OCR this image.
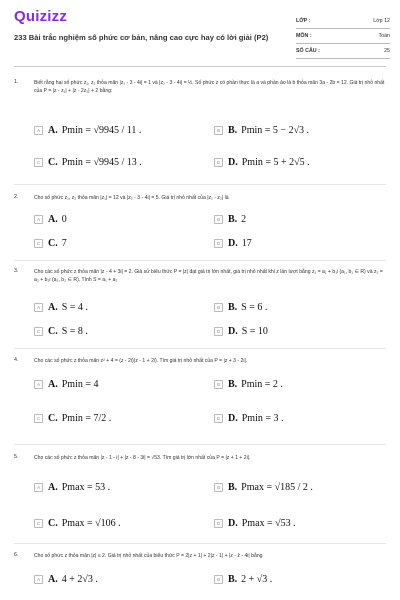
Quizizz
233 Bài trắc nghiệm số phức cơ bản, nâng cao cực hay có lời giải (P2)
LỚP :	Lớp 12
MÔN :	Toán
SỐ CÂU :	25
1.	Biết rằng hai số phức z₁, z₂ thỏa mãn |z₁ - 3 - 4i| = 1 và |z₂ - 3 - 4i| = ½. Số phức z có phần thực là a và phần ảo là b thỏa mãn 3a - 2b = 12. Giá trị nhỏ nhất của P = |z - z₁| + |z - 2z₂| + 2 bằng:
A A. Pmin = √9945 / 11 .	B B. Pmin = 5 − 2√3 .
C C. Pmin = √9945 / 13 .	D D. Pmin = 5 + 2√5 .
2.	Cho số phức z₁, z₂ thỏa mãn |z₁| = 12 và |z₂ - 3 - 4i| = 5. Giá trị nhỏ nhất của |z₁ - z₂| là
A A. 0	B B. 2
C C. 7	D D. 17
3.	Cho các số phức z thỏa mãn |z - 4 + 3i| = 2. Giả sử biểu thức P = |z| đạt giá trị lớn nhất, giá trị nhỏ nhất khi z lần lượt bằng z₁ = a₁ + b₁i (a₁, b₁ ∈ R) và z₂ = a₂ + b₂i (a₂, b₂ ∈ R). Tính S = a₁ + a₂
A A. S = 4 .	B B. S = 6 .
C C. S = 8 .	D D. S = 10
4.	Cho các số phức z thỏa mãn z² + 4 = (z - 2i)(z - 1 + 2i). Tìm giá trị nhỏ nhất của P = |z + 3 - 2i|.
A A. Pmin = 4	B B. Pmin = 2 .
C C. Pmin = 7/2 .	D D. Pmin = 3 .
5.	Cho các số phức z thỏa mãn |z - 1 - i| + |z - 8 - 3i| = √53. Tìm giá trị lớn nhất của P = |z + 1 + 2i|.
A A. Pmax = 53 .	B B. Pmax = √185 / 2 .
C C. Pmax = √106 .	D D. Pmax = √53 .
6.	Cho số phức z thỏa mãn |z| ≤ 2. Giá trị nhỏ nhất của biểu thức P = 2|z + 1| + 2|z - 1| + |z - z̄ - 4i| bằng
A A. 4 + 2√3 .	B B. 2 + √3 .
